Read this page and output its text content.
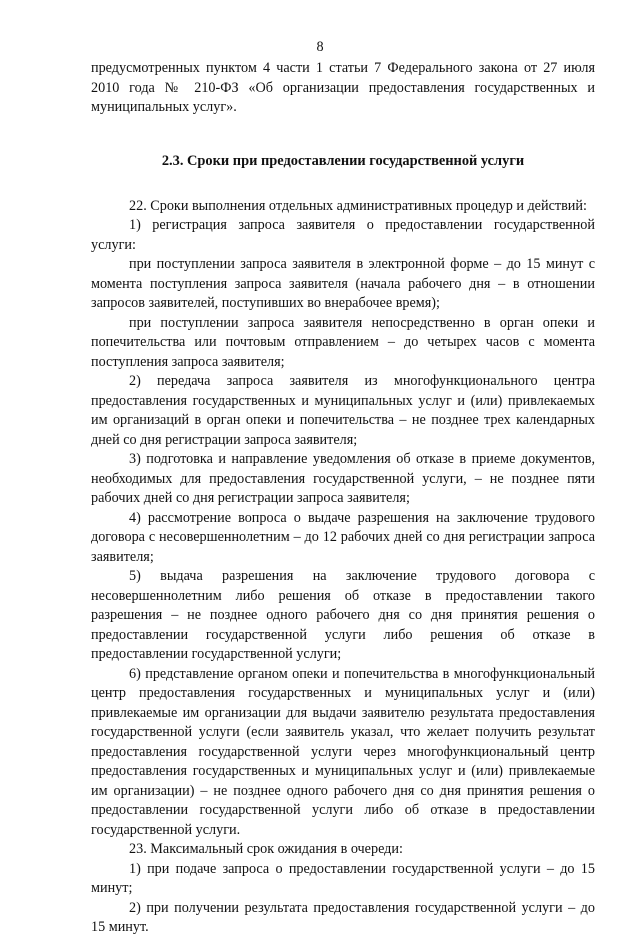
8

предусмотренных пунктом 4 части 1 статьи 7 Федерального закона от 27 июля 2010 года № 210-ФЗ «Об организации предоставления государственных и муниципальных услуг».

2.3. Сроки при предоставлении государственной услуги

22. Сроки выполнения отдельных административных процедур и действий:

1) регистрация запроса заявителя о предоставлении государственной услуги:

при поступлении запроса заявителя в электронной форме – до 15 минут с момента поступления запроса заявителя (начала рабочего дня – в отношении запросов заявителей, поступивших во внерабочее время);

при поступлении запроса заявителя непосредственно в орган опеки и попечительства или почтовым отправлением – до четырех часов с момента поступления запроса заявителя;

2) передача запроса заявителя из многофункционального центра предоставления государственных и муниципальных услуг и (или) привлекаемых им организаций в орган опеки и попечительства – не позднее трех календарных дней со дня регистрации запроса заявителя;

3) подготовка и направление уведомления об отказе в приеме документов, необходимых для предоставления государственной услуги, – не позднее пяти рабочих дней со дня регистрации запроса заявителя;

4) рассмотрение вопроса о выдаче разрешения на заключение трудового договора с несовершеннолетним – до 12 рабочих дней со дня регистрации запроса заявителя;

5) выдача разрешения на заключение трудового договора с несовершеннолетним либо решения об отказе в предоставлении такого разрешения – не позднее одного рабочего дня со дня принятия решения о предоставлении государственной услуги либо решения об отказе в предоставлении государственной услуги;

6) представление органом опеки и попечительства в многофункциональный центр предоставления государственных и муниципальных услуг и (или) привлекаемые им организации для выдачи заявителю результата предоставления государственной услуги (если заявитель указал, что желает получить результат предоставления государственной услуги через многофункциональный центр предоставления государственных и муниципальных услуг и (или) привлекаемые им организации) – не позднее одного рабочего дня со дня принятия решения о предоставлении государственной услуги либо об отказе в предоставлении государственной услуги.

23. Максимальный срок ожидания в очереди:

1) при подаче запроса о предоставлении государственной услуги – до 15 минут;

2) при получении результата предоставления государственной услуги – до 15 минут.
